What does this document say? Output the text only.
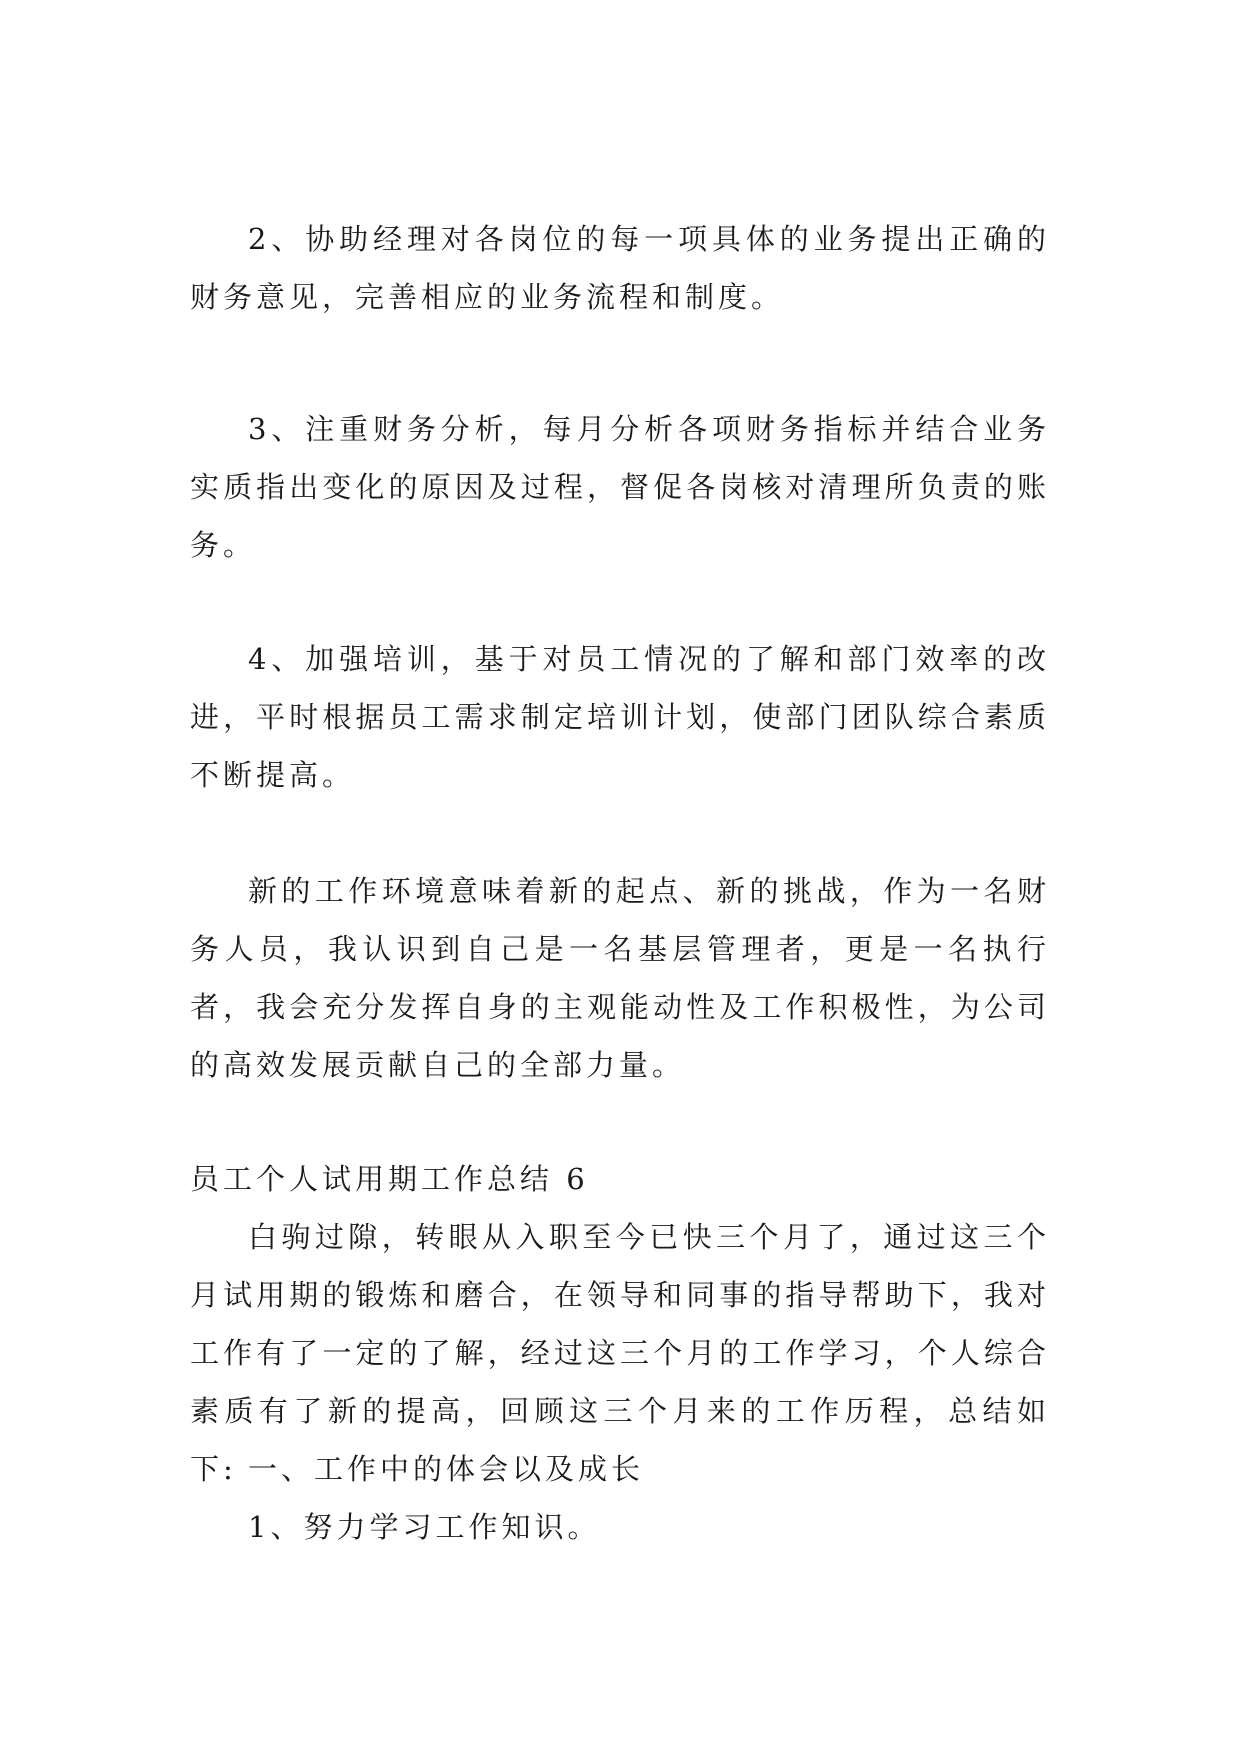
2、协助经理对各岗位的每一项具体的业务提出正确的财务意见，完善相应的业务流程和制度。

3、注重财务分析，每月分析各项财务指标并结合业务实质指出变化的原因及过程，督促各岗核对清理所负责的账务。

4、加强培训，基于对员工情况的了解和部门效率的改进，平时根据员工需求制定培训计划，使部门团队综合素质不断提高。

新的工作环境意味着新的起点、新的挑战，作为一名财务人员，我认识到自己是一名基层管理者，更是一名执行者，我会充分发挥自身的主观能动性及工作积极性，为公司的高效发展贡献自己的全部力量。

员工个人试用期工作总结 6

白驹过隙，转眼从入职至今已快三个月了，通过这三个月试用期的锻炼和磨合，在领导和同事的指导帮助下，我对工作有了一定的了解，经过这三个月的工作学习，个人综合素质有了新的提高，回顾这三个月来的工作历程，总结如下: 一、工作中的体会以及成长

1、努力学习工作知识。
